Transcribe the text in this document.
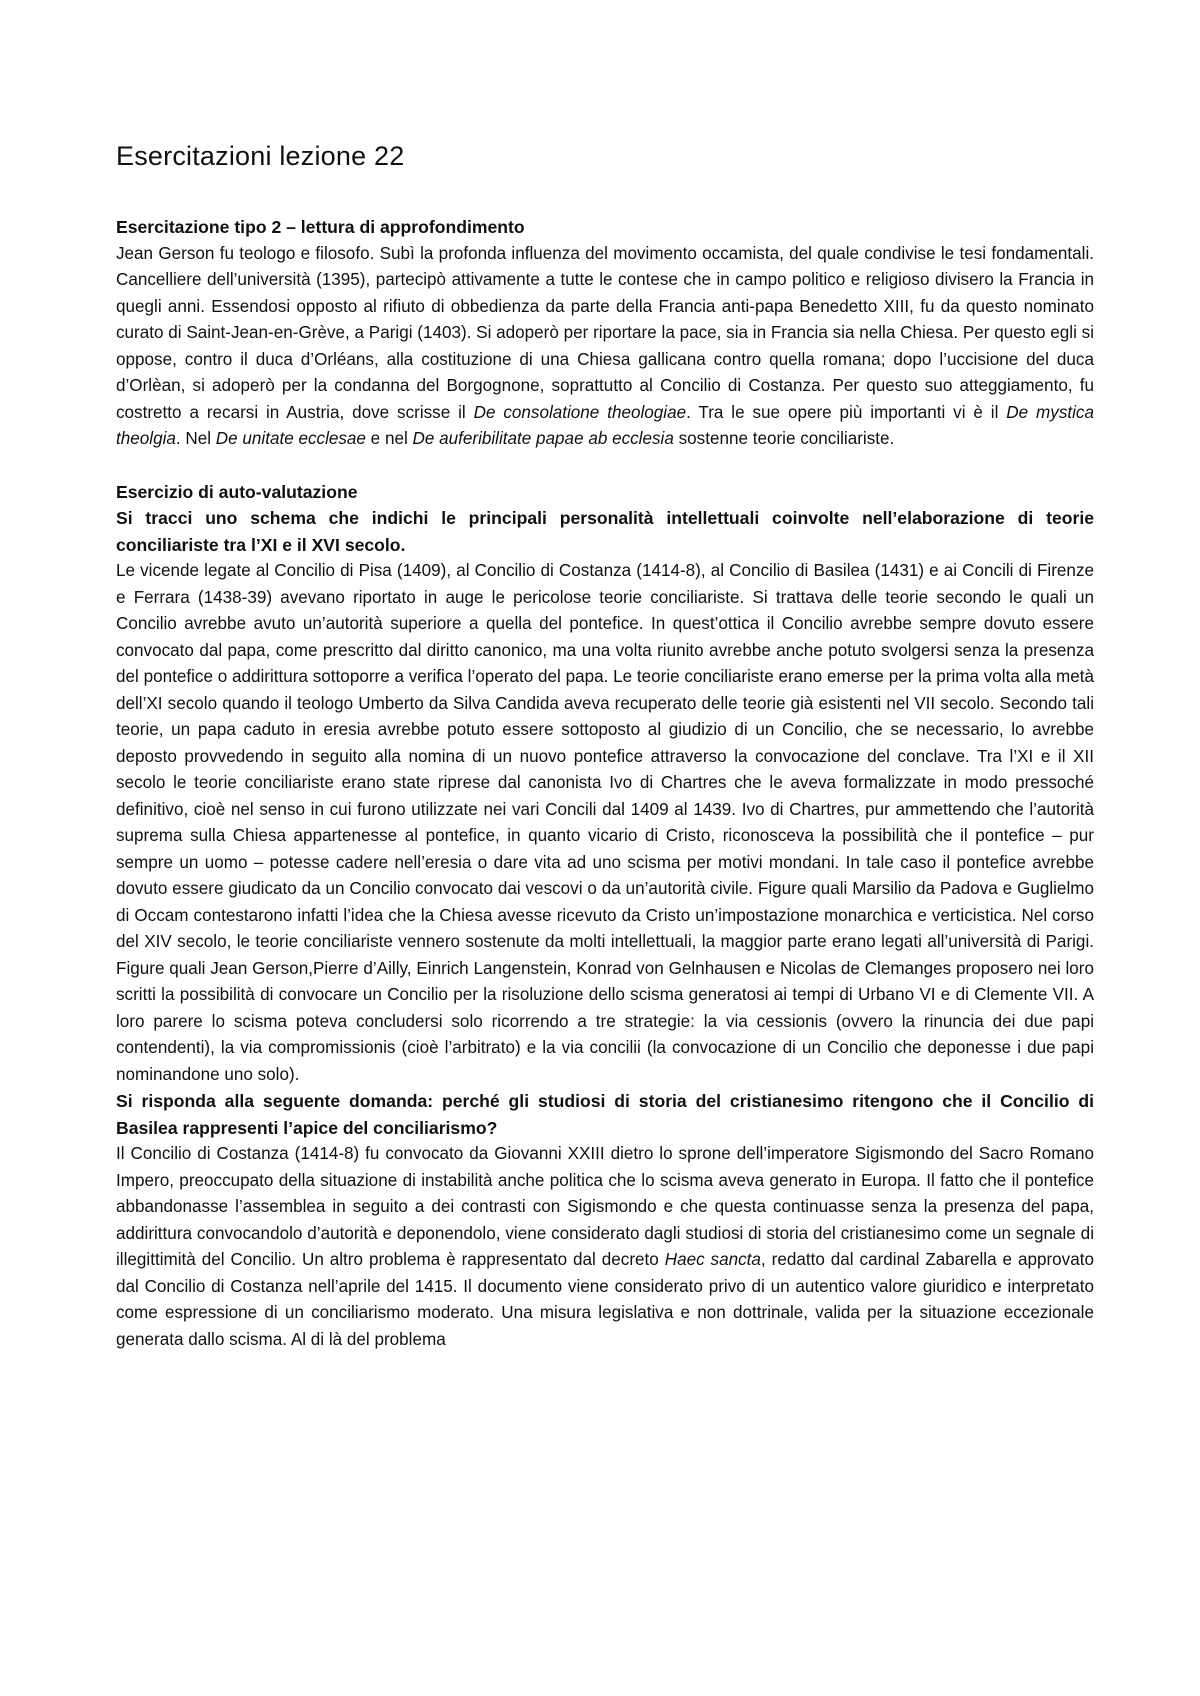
Esercitazioni lezione 22
Esercitazione tipo 2 – lettura di approfondimento

Jean Gerson fu teologo e filosofo. Subì la profonda influenza del movimento occamista, del quale condivise le tesi fondamentali. Cancelliere dell’università (1395), partecipò attivamente a tutte le contese che in campo politico e religioso divisero la Francia in quegli anni. Essendosi opposto al rifiuto di obbedienza da parte della Francia anti-papa Benedetto XIII, fu da questo nominato curato di Saint-Jean-en-Grève, a Parigi (1403). Si adoperò per riportare la pace, sia in Francia sia nella Chiesa. Per questo egli si oppose, contro il duca d’Orléans, alla costituzione di una Chiesa gallicana contro quella romana; dopo l’uccisione del duca d’Orlèan, si adoperò per la condanna del Borgognone, soprattutto al Concilio di Costanza. Per questo suo atteggiamento, fu costretto a recarsi in Austria, dove scrisse il De consolatione theologiae. Tra le sue opere più importanti vi è il De mystica theolgia. Nel De unitate ecclesae e nel De auferibilitate papae ab ecclesia sostenne teorie conciliariste.

Esercizio di auto-valutazione

Si tracci uno schema che indichi le principali personalità intellettuali coinvolte nell’elaborazione di teorie conciliariste tra l’XI e il XVI secolo.

Le vicende legate al Concilio di Pisa (1409), al Concilio di Costanza (1414-8), al Concilio di Basilea (1431) e ai Concili di Firenze e Ferrara (1438-39) avevano riportato in auge le pericolose teorie conciliariste. Si trattava delle teorie secondo le quali un Concilio avrebbe avuto un’autorità superiore a quella del pontefice. In quest’ottica il Concilio avrebbe sempre dovuto essere convocato dal papa, come prescritto dal diritto canonico, ma una volta riunito avrebbe anche potuto svolgersi senza la presenza del pontefice o addirittura sottoporre a verifica l’operato del papa. Le teorie conciliariste erano emerse per la prima volta alla metà dell’XI secolo quando il teologo Umberto da Silva Candida aveva recuperato delle teorie già esistenti nel VII secolo. Secondo tali teorie, un papa caduto in eresia avrebbe potuto essere sottoposto al giudizio di un Concilio, che se necessario, lo avrebbe deposto provvedendo in seguito alla nomina di un nuovo pontefice attraverso la convocazione del conclave. Tra l’XI e il XII secolo le teorie conciliariste erano state riprese dal canonista Ivo di Chartres che le aveva formalizzate in modo pressoché definitivo, cioè nel senso in cui furono utilizzate nei vari Concili dal 1409 al 1439. Ivo di Chartres, pur ammettendo che l’autorità suprema sulla Chiesa appartenesse al pontefice, in quanto vicario di Cristo, riconosceva la possibilità che il pontefice – pur sempre un uomo – potesse cadere nell’eresia o dare vita ad uno scisma per motivi mondani. In tale caso il pontefice avrebbe dovuto essere giudicato da un Concilio convocato dai vescovi o da un’autorità civile. Figure quali Marsilio da Padova e Guglielmo di Occam contestarono infatti l’idea che la Chiesa avesse ricevuto da Cristo un’impostazione monarchica e verticistica. Nel corso del XIV secolo, le teorie conciliariste vennero sostenute da molti intellettuali, la maggior parte erano legati all’università di Parigi. Figure quali Jean Gerson,Pierre d’Ailly, Einrich Langenstein, Konrad von Gelnhausen e Nicolas de Clemanges proposero nei loro scritti la possibilità di convocare un Concilio per la risoluzione dello scisma generatosi ai tempi di Urbano VI e di Clemente VII. A loro parere lo scisma poteva concludersi solo ricorrendo a tre strategie: la via cessionis (ovvero la rinuncia dei due papi contendenti), la via compromissionis (cioè l’arbitrato) e la via concilii (la convocazione di un Concilio che deponesse i due papi nominandone uno solo).

Si risponda alla seguente domanda: perché gli studiosi di storia del cristianesimo ritengono che il Concilio di Basilea rappresenti l’apice del conciliarismo?

Il Concilio di Costanza (1414-8) fu convocato da Giovanni XXIII dietro lo sprone dell’imperatore Sigismondo del Sacro Romano Impero, preoccupato della situazione di instabilità anche politica che lo scisma aveva generato in Europa. Il fatto che il pontefice abbandonasse l’assemblea in seguito a dei contrasti con Sigismondo e che questa continuasse senza la presenza del papa, addirittura convocandolo d’autorità e deponendolo, viene considerato dagli studiosi di storia del cristianesimo come un segnale di illegittimità del Concilio. Un altro problema è rappresentato dal decreto Haec sancta, redatto dal cardinal Zabarella e approvato dal Concilio di Costanza nell’aprile del 1415. Il documento viene considerato privo di un autentico valore giuridico e interpretato come espressione di un conciliarismo moderato. Una misura legislativa e non dottrinale, valida per la situazione eccezionale generata dallo scisma. Al di là del problema
